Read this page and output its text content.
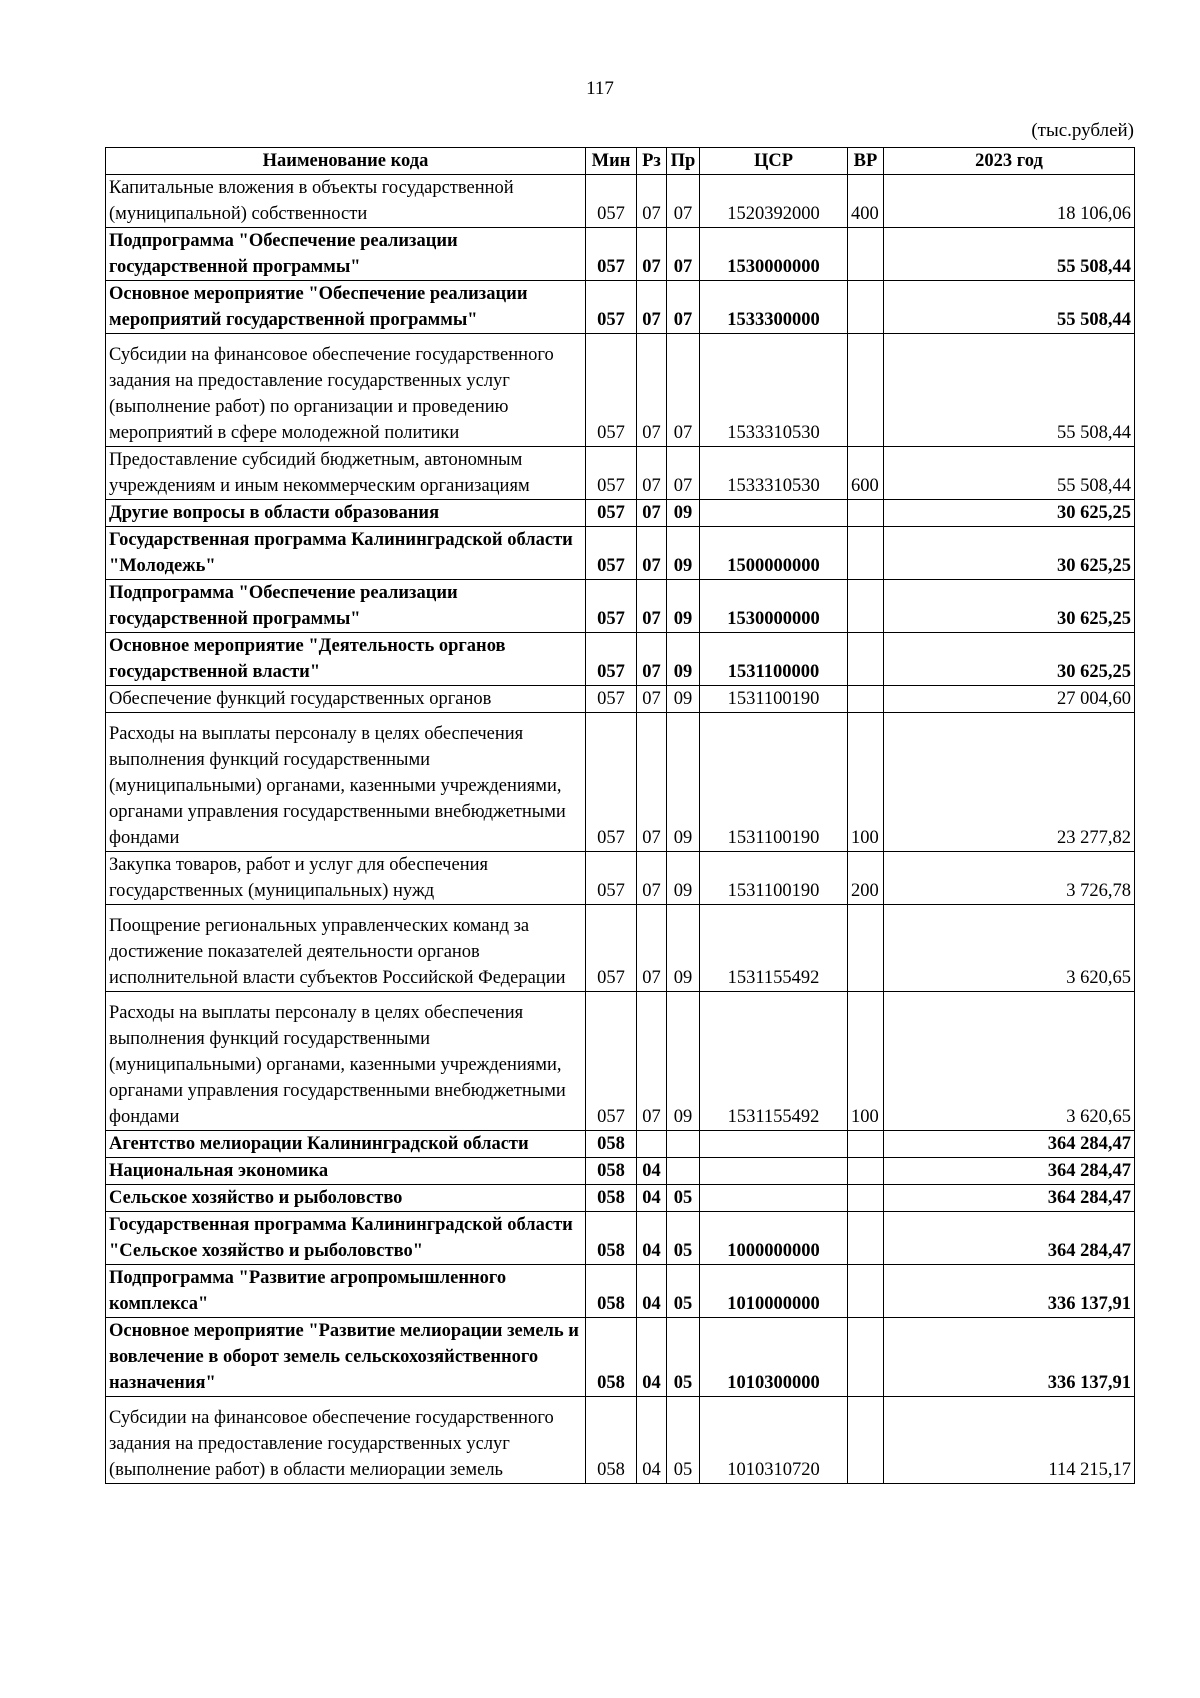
117
(тыс.рублей)
Наименование кода	Мин	Рз	Пр	ЦСР	ВР	2023 год
Капитальные вложения в объекты государственной (муниципальной) собственности	057	07	07	1520392000	400	18 106,06
Подпрограмма "Обеспечение реализации государственной программы"	057	07	07	1530000000		55 508,44
Основное мероприятие "Обеспечение реализации мероприятий государственной программы"	057	07	07	1533300000		55 508,44
Субсидии на финансовое обеспечение государственного задания на предоставление государственных услуг (выполнение работ) по организации и проведению мероприятий в сфере молодежной политики	057	07	07	1533310530		55 508,44
Предоставление субсидий бюджетным, автономным учреждениям и иным некоммерческим организациям	057	07	07	1533310530	600	55 508,44
Другие вопросы в области образования	057	07	09			30 625,25
Государственная программа Калининградской области "Молодежь"	057	07	09	1500000000		30 625,25
Подпрограмма "Обеспечение реализации государственной программы"	057	07	09	1530000000		30 625,25
Основное мероприятие "Деятельность органов государственной власти"	057	07	09	1531100000		30 625,25
Обеспечение функций государственных органов	057	07	09	1531100190		27 004,60
Расходы на выплаты персоналу в целях обеспечения выполнения функций государственными (муниципальными) органами, казенными учреждениями, органами управления государственными внебюджетными фондами	057	07	09	1531100190	100	23 277,82
Закупка товаров, работ и услуг для обеспечения государственных (муниципальных) нужд	057	07	09	1531100190	200	3 726,78
Поощрение региональных управленческих команд за достижение показателей деятельности органов исполнительной власти субъектов Российской Федерации	057	07	09	1531155492		3 620,65
Расходы на выплаты персоналу в целях обеспечения выполнения функций государственными (муниципальными) органами, казенными учреждениями, органами управления государственными внебюджетными фондами	057	07	09	1531155492	100	3 620,65
Агентство мелиорации Калининградской области	058					364 284,47
Национальная экономика	058	04				364 284,47
Сельское хозяйство и рыболовство	058	04	05			364 284,47
Государственная программа Калининградской области "Сельское хозяйство и рыболовство"	058	04	05	1000000000		364 284,47
Подпрограмма "Развитие агропромышленного комплекса"	058	04	05	1010000000		336 137,91
Основное мероприятие "Развитие мелиорации земель и вовлечение в оборот земель сельскохозяйственного назначения"	058	04	05	1010300000		336 137,91
Субсидии на финансовое обеспечение государственного задания на предоставление государственных услуг (выполнение работ) в области мелиорации земель	058	04	05	1010310720		114 215,17
